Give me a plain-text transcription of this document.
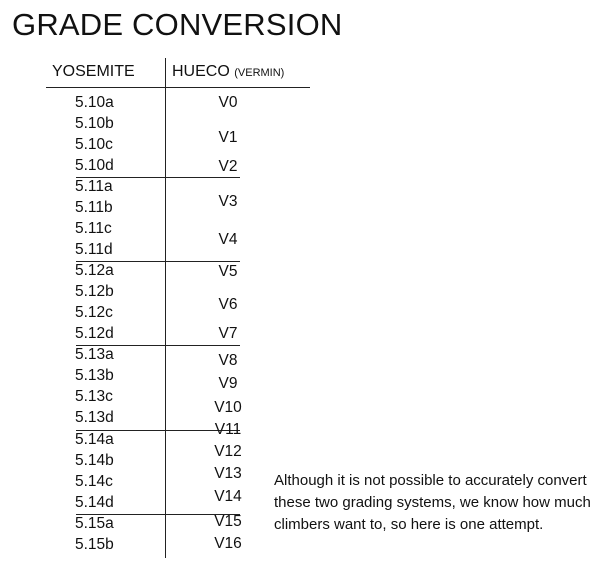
GRADE CONVERSION
YOSEMITE HUECO (VERMIN)
5.10a
5.10b
5.10c
5.10d
5.11a
5.11b
5.11c
5.11d
5.12a
5.12b
5.12c
5.12d
5.13a
5.13b
5.13c
5.13d
5.14a
5.14b
5.14c
5.14d
5.15a
5.15b
V0
V1
V2
V3
V4
V5
V6
V7
V8
V9
V10
V11
V12
V13
V14
V15
V16

Although it is not possible to accurately convert these two grading systems, we know how much climbers want to, so here is one attempt.
